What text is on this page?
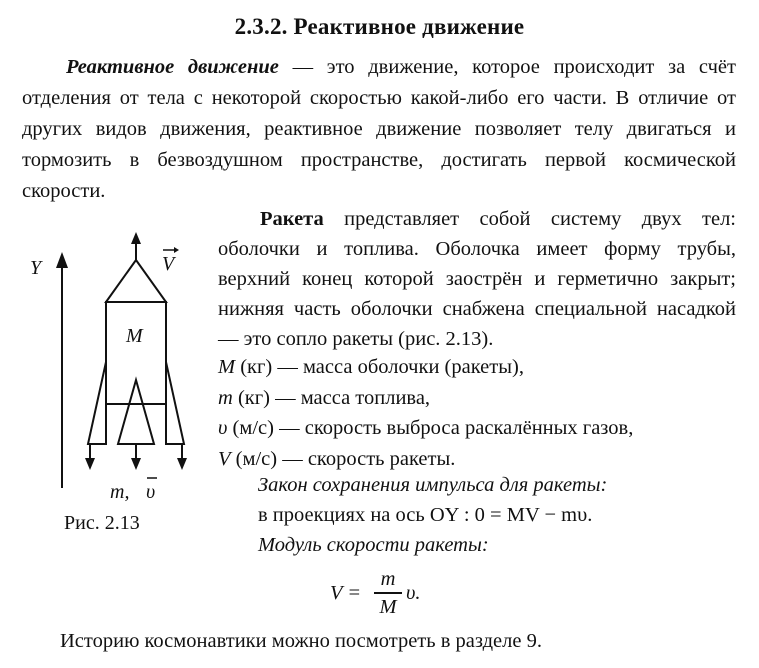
2.3.2. Реактивное движение
Реактивное движение — это движение, которое происходит за счёт отделения от тела с некоторой скоростью какой-либо его части. В отличие от других видов движения, реактивное движение позволяет телу двигаться и тормозить в безвоздушном пространстве, достигать первой космической скорости.
Y	V
M
m, υ
Рис. 2.13
Ракета представляет собой систему двух тел: оболочки и топлива. Оболочка имеет форму трубы, верхний конец которой заострён и герметично закрыт; нижняя часть оболочки снабжена специальной насадкой — это сопло ракеты (рис. 2.13).
M (кг) — масса оболочки (ракеты),
m (кг) — масса топлива,
υ (м/с) — скорость выброса раскалённых газов,
V (м/с) — скорость ракеты.
Закон сохранения импульса для ракеты:
в проекциях на ось OY : 0 = MV − mυ.
Модуль скорости ракеты:
V =
m
M
υ.
Историю космонавтики можно посмотреть в разделе 9.
